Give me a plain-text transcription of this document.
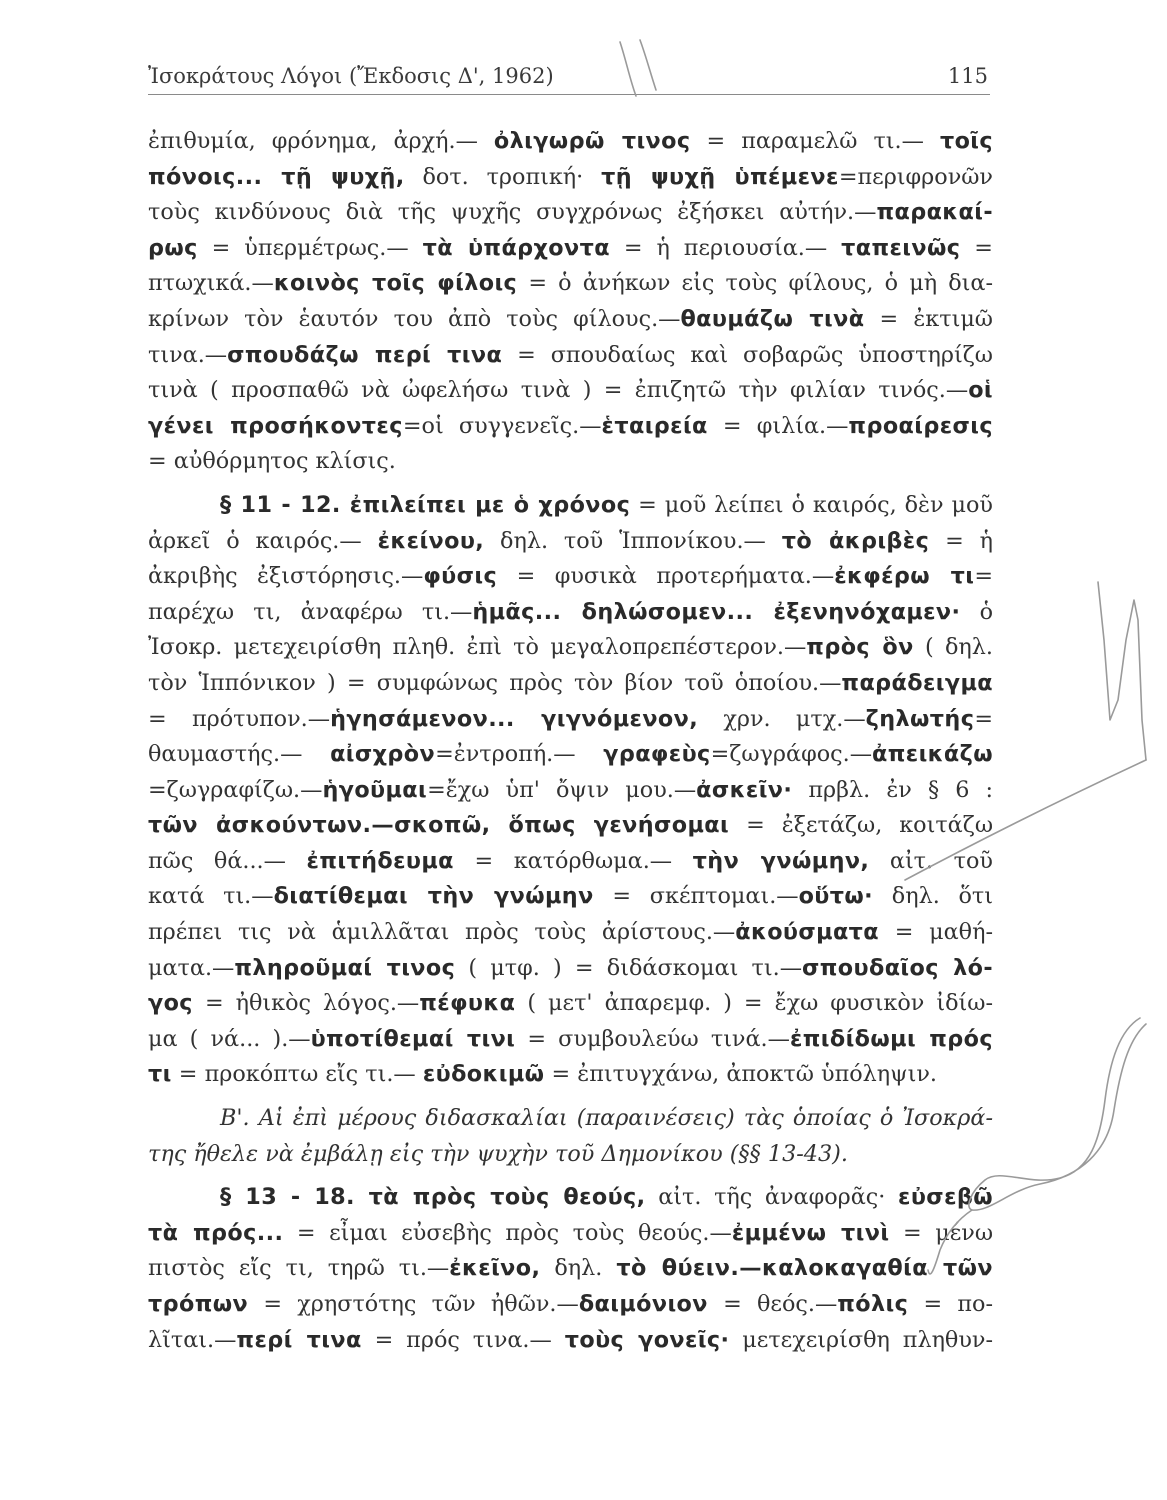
Ἰσοκράτους Λόγοι (Ἔκδοσις Δ', 1962)	115
ἐπιθυμία, φρόνημα, ἀρχή.— ὀλιγωρῶ τινος = παραμελῶ τι.— τοῖς
πόνοις... τῇ ψυχῇ, δοτ. τροπική· τῇ ψυχῇ ὑπέμενε=περιφρονῶν
τοὺς κινδύνους διὰ τῆς ψυχῆς συγχρόνως ἐξήσκει αὐτήν.—παρακαί-
ρως = ὑπερμέτρως.— τὰ ὑπάρχοντα = ἡ περιουσία.— ταπεινῶς =
πτωχικά.—κοινὸς τοῖς φίλοις = ὁ ἀνήκων εἰς τοὺς φίλους, ὁ μὴ δια-
κρίνων τὸν ἑαυτόν του ἀπὸ τοὺς φίλους.—θαυμάζω τινὰ = ἐκτιμῶ
τινα.—σπουδάζω περί τινα = σπουδαίως καὶ σοβαρῶς ὑποστηρίζω
τινὰ ( προσπαθῶ νὰ ὠφελήσω τινὰ ) = ἐπιζητῶ τὴν φιλίαν τινός.—οἱ
γένει προσήκοντες=οἱ συγγενεῖς.—ἑταιρεία = φιλία.—προαίρεσις
= αὐθόρμητος κλίσις.
§ 11 - 12. ἐπιλείπει με ὁ χρόνος = μοῦ λείπει ὁ καιρός, δὲν μοῦ
ἀρκεῖ ὁ καιρός.— ἐκείνου, δηλ. τοῦ Ἱππονίκου.— τὸ ἀκριβὲς = ἡ
ἀκριβὴς ἐξιστόρησις.—φύσις = φυσικὰ προτερήματα.—ἐκφέρω τι=
παρέχω τι, ἀναφέρω τι.—ἡμᾶς... δηλώσομεν... ἐξενηνόχαμεν· ὁ
Ἰσοκρ. μετεχειρίσθη πληθ. ἐπὶ τὸ μεγαλοπρεπέστερον.—πρὸς ὃν ( δηλ.
τὸν Ἱππόνικον ) = συμφώνως πρὸς τὸν βίον τοῦ ὁποίου.—παράδειγμα
= πρότυπον.—ἡγησάμενον... γιγνόμενον, χρν. μτχ.—ζηλωτής=
θαυμαστής.— αἰσχρὸν=ἐντροπή.— γραφεὺς=ζωγράφος.—ἀπεικάζω
=ζωγραφίζω.—ἡγοῦμαι=ἔχω ὑπ' ὄψιν μου.—ἀσκεῖν· πρβλ. ἐν § 6 :
τῶν ἀσκούντων.—σκοπῶ, ὅπως γενήσομαι = ἐξετάζω, κοιτάζω
πῶς θά...— ἐπιτήδευμα = κατόρθωμα.— τὴν γνώμην, αἰτ. τοῦ
κατά τι.—διατίθεμαι τὴν γνώμην = σκέπτομαι.—οὕτω· δηλ. ὅτι
πρέπει τις νὰ ἁμιλλᾶται πρὸς τοὺς ἀρίστους.—ἀκούσματα = μαθή-
ματα.—πληροῦμαί τινος ( μτφ. ) = διδάσκομαι τι.—σπουδαῖος λό-
γος = ἠθικὸς λόγος.—πέφυκα ( μετ' ἀπαρεμφ. ) = ἔχω φυσικὸν ἰδίω-
μα ( νά... ).—ὑποτίθεμαί τινι = συμβουλεύω τινά.—ἐπιδίδωμι πρός
τι = προκόπτω εἴς τι.— εὐδοκιμῶ = ἐπιτυγχάνω, ἀποκτῶ ὑπόληψιν.
Β'. Αἱ ἐπὶ μέρους διδασκαλίαι (παραινέσεις) τὰς ὁποίας ὁ Ἰσοκρά-
της ἤθελε νὰ ἐμβάλῃ εἰς τὴν ψυχὴν τοῦ Δημονίκου (§§ 13-43).
§ 13 - 18. τὰ πρὸς τοὺς θεούς, αἰτ. τῆς ἀναφορᾶς· εὐσεβῶ
τὰ πρός... = εἶμαι εὐσεβὴς πρὸς τοὺς θεούς.—ἐμμένω τινὶ = μένω
πιστὸς εἴς τι, τηρῶ τι.—ἐκεῖνο, δηλ. τὸ θύειν.—καλοκαγαθία τῶν
τρόπων = χρηστότης τῶν ἠθῶν.—δαιμόνιον = θεός.—πόλις = πο-
λῖται.—περί τινα = πρός τινα.— τοὺς γονεῖς· μετεχειρίσθη πληθυν-
